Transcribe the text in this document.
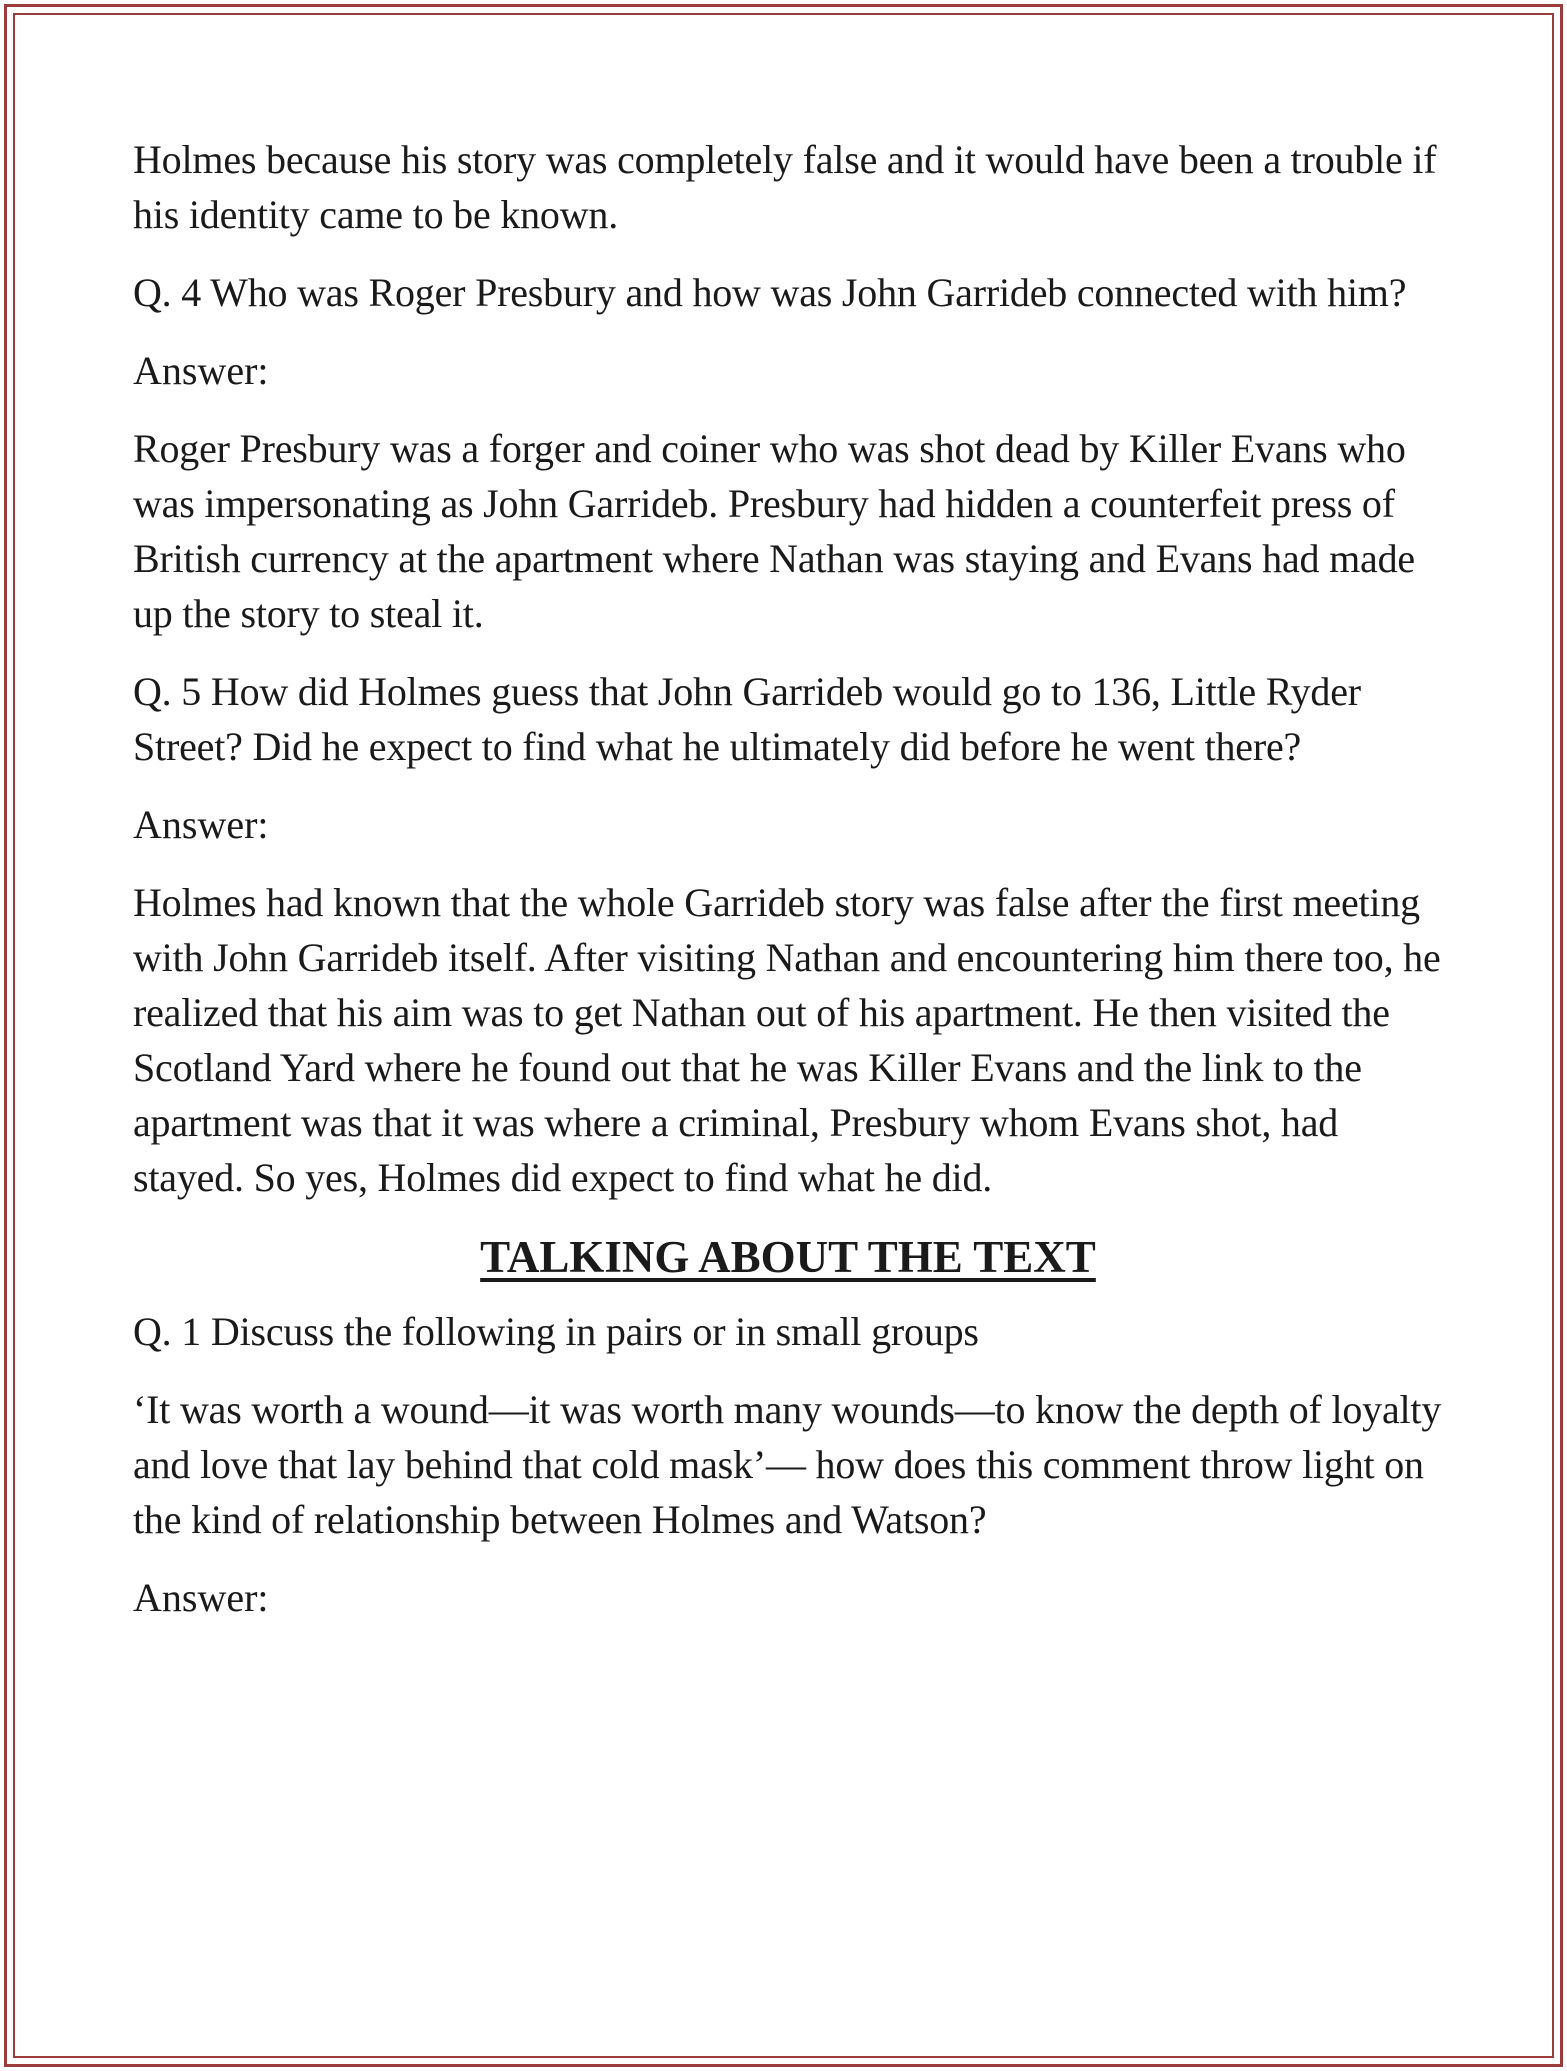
Holmes because his story was completely false and it would have been a trouble if his identity came to be known.

Q. 4 Who was Roger Presbury and how was John Garrideb connected with him?

Answer:

Roger Presbury was a forger and coiner who was shot dead by Killer Evans who was impersonating as John Garrideb. Presbury had hidden a counterfeit press of British currency at the apartment where Nathan was staying and Evans had made up the story to steal it.

Q. 5 How did Holmes guess that John Garrideb would go to 136, Little Ryder Street? Did he expect to find what he ultimately did before he went there?

Answer:

Holmes had known that the whole Garrideb story was false after the first meeting with John Garrideb itself. After visiting Nathan and encountering him there too, he realized that his aim was to get Nathan out of his apartment. He then visited the Scotland Yard where he found out that he was Killer Evans and the link to the apartment was that it was where a criminal, Presbury whom Evans shot, had stayed. So yes, Holmes did expect to find what he did.

TALKING ABOUT THE TEXT

Q. 1 Discuss the following in pairs or in small groups

‘It was worth a wound—it was worth many wounds—to know the depth of loyalty and love that lay behind that cold mask’— how does this comment throw light on the kind of relationship between Holmes and Watson?

Answer:
